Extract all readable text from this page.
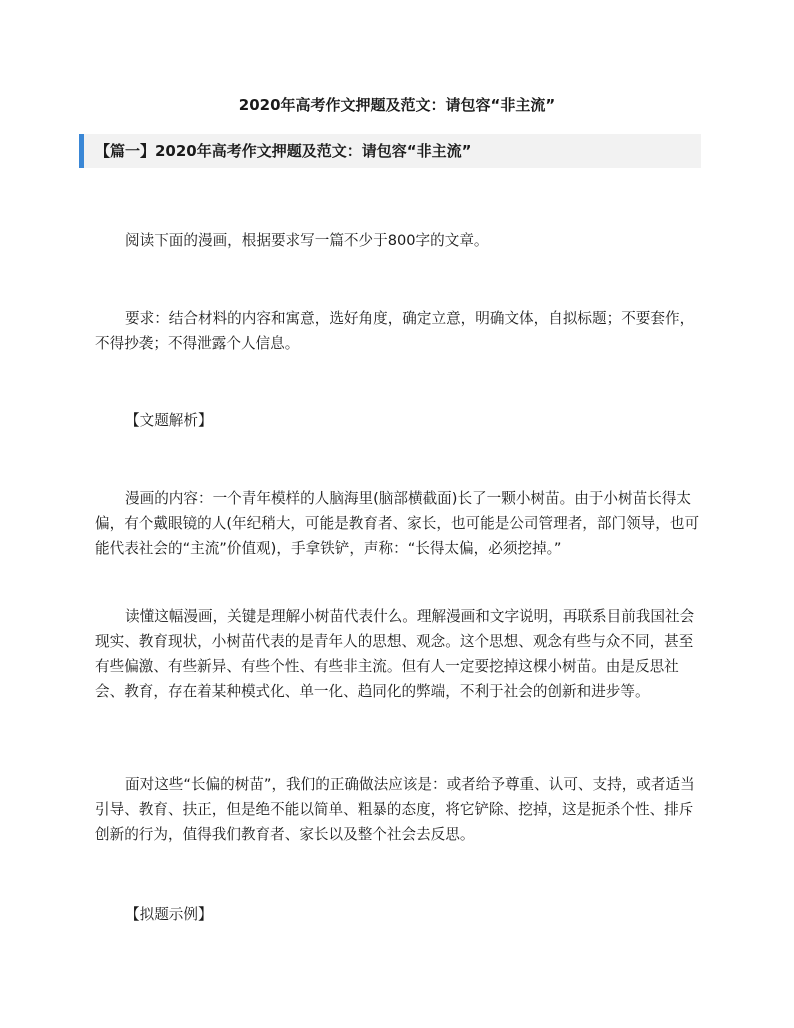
2020年高考作文押题及范文：请包容“非主流”
【篇一】2020年高考作文押题及范文：请包容“非主流”

阅读下面的漫画，根据要求写一篇不少于800字的文章。

要求：结合材料的内容和寓意，选好角度，确定立意，明确文体，自拟标题；不要套作，不得抄袭；不得泄露个人信息。

【文题解析】

漫画的内容：一个青年模样的人脑海里(脑部横截面)长了一颗小树苗。由于小树苗长得太偏，有个戴眼镜的人(年纪稍大，可能是教育者、家长，也可能是公司管理者，部门领导，也可能代表社会的“主流”价值观)，手拿铁铲，声称：“长得太偏，必须挖掉。”

读懂这幅漫画，关键是理解小树苗代表什么。理解漫画和文字说明，再联系目前我国社会现实、教育现状，小树苗代表的是青年人的思想、观念。这个思想、观念有些与众不同，甚至有些偏激、有些新异、有些个性、有些非主流。但有人一定要挖掉这棵小树苗。由是反思社会、教育，存在着某种模式化、单一化、趋同化的弊端，不利于社会的创新和进步等。

面对这些“长偏的树苗”，我们的正确做法应该是：或者给予尊重、认可、支持，或者适当引导、教育、扶正，但是绝不能以简单、粗暴的态度，将它铲除、挖掉，这是扼杀个性、排斥创新的行为，值得我们教育者、家长以及整个社会去反思。

【拟题示例】
